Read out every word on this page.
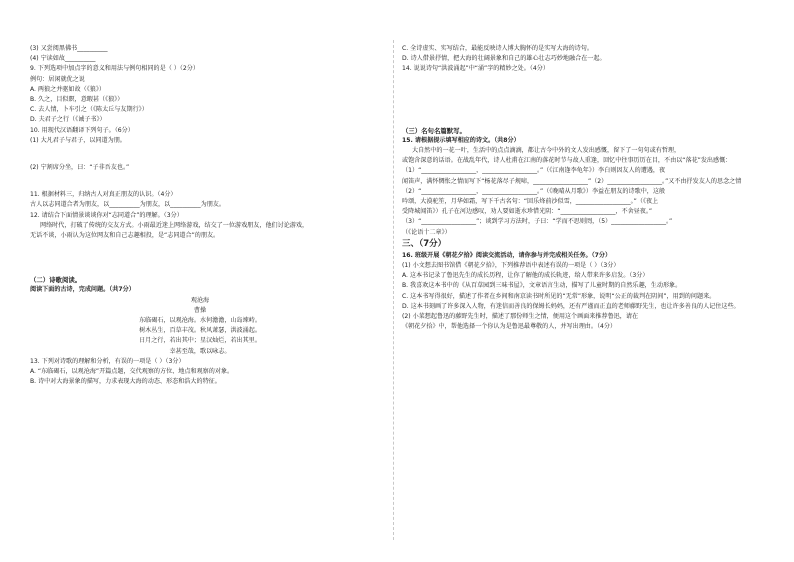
(3) 又尝阅黑佛书__________
(4) 宁读如故__________
9. 下列选项中加点字的意义和用法与例句相同的是（ ）（2分）
例句：居闲就优之说
A. 两狼之并驱如故（《狼》）
B. 久之，目似瞑，意暇甚（《狼》）
C. 去人情，卜车引之（《陈太丘与友期行》）
D. 夫君子之行（《诫子书》）
10. 用现代汉语翻译下列句子。（6分）
(1) 大凡君子与君子，以同道为朋。
(2) 宁割席分坐，曰：“子非吾友也。”
11. 根据材料三，归纳古人对真正朋友的认识。（4分）
古人以志同道合者为朋友，以__________为朋友，以__________为朋友。
12. 请结合下面情景谈谈你对“志同道合”的理解。（3分）
网络时代，打破了传统的交友方式。小雨最近迷上网络游戏，结交了一位游戏朋友，他们讨论游戏，
无话不谈，小雨认为这位网友和自己志趣相投，是“志同道合”的朋友。
（二）诗歌阅读。
阅读下面的古诗，完成问题。（共7分）
观沧海
曹操
东临碣石，以观沧海。水何澹澹，山岛竦峙。
树木丛生，百草丰茂。秋风萧瑟，洪波涌起。
日月之行，若出其中；星汉灿烂，若出其里。
幸甚至哉，歌以咏志。
13. 下列对诗歌的理解和分析，有误的一项是（ ）（3分）
A. “东临碣石，以观沧海”开篇点题，交代观察的方位、地点和观察的对象。
B. 诗中对大海景象的描写，力求表现大海的动态、形态和浩大的特征。
C. 全诗虚实、实写结合，最能反映诗人博大胸怀的是实写大海的诗句。
D. 诗人借景抒情，把大海的壮阔景象和自己的雄心壮志巧妙地融合在一起。
14. 说说诗句“洪波涌起”中“涌”字的精妙之处。（4分）
（三）名句名篇默写。
15. 请根据提示填写相应的诗文。（共8分）
大自然中的一花一叶，生活中的点点滴滴，都让古今中外的文人发出感慨，留下了一句句或有哲理，
或饱含深意的话语。在战乱年代，诗人杜甫在江南的落花时节与故人重逢，回忆中往事历历在目，不由以“落花”发出感慨：
（1）“__________________，__________________。”（《江南逢李龟年》）李白则因友人的遭遇，夜
闻笛声，满怀惆怅之情而写下“杨花落尽子规啼，__________________”（2）__________________。”又不由抒发友人的思念之情
（2）“__________________，__________________。”（《晚晴从月歌》）李益在朋友的诗歌中，这般
吟颂，大漠驼笙，月华如霜，写下千古名句：“回乐烽前沙似雪，__________________。”（《夜上
受降城闻笛》）孔子在河边感叹，劝人要如逝水珍惜光阴：“__________________，不舍昼夜。”
（3）“__________________”；谈到学习方法时，子曰：“学而不思则罔，（5）__________________。”
（《论语十二章》）
三、（7分）
16. 班级开展《朝花夕拾》阅读交流活动，请你参与并完成相关任务。（7分）
(1) 小文想去图书馆借《朝花夕拾》，下列推荐语中表述有误的一项是（ ）（3分）
A. 这本书记录了鲁迅先生的成长历程，让你了解他的成长轨迹，给人带来许多启发。（3分）
B. 我喜欢这本书中的《从百草园到三味书屋》，文章语言生动，描写了儿童时期的自然乐趣，生动形象。
C. 这本书写得很好，描述了作者在乡间和南京读书时所见的“无常”形象，说明“公正的裁判在阴间”，用到的问题来。
D. 这本书刻画了许多深入人物，有迷信而善良的保姆长妈妈，还有严谨而正直的老师藤野先生，也让许多善良的人记住这些。
(2) 小菜想起鲁迅的藤野先生时，描述了那份师生之情，便用这个画面来推荐鲁迅，请在
《朝花夕拾》中，帮他选择一个你认为是鲁迅最尊敬的人，并写出理由。（4分）
